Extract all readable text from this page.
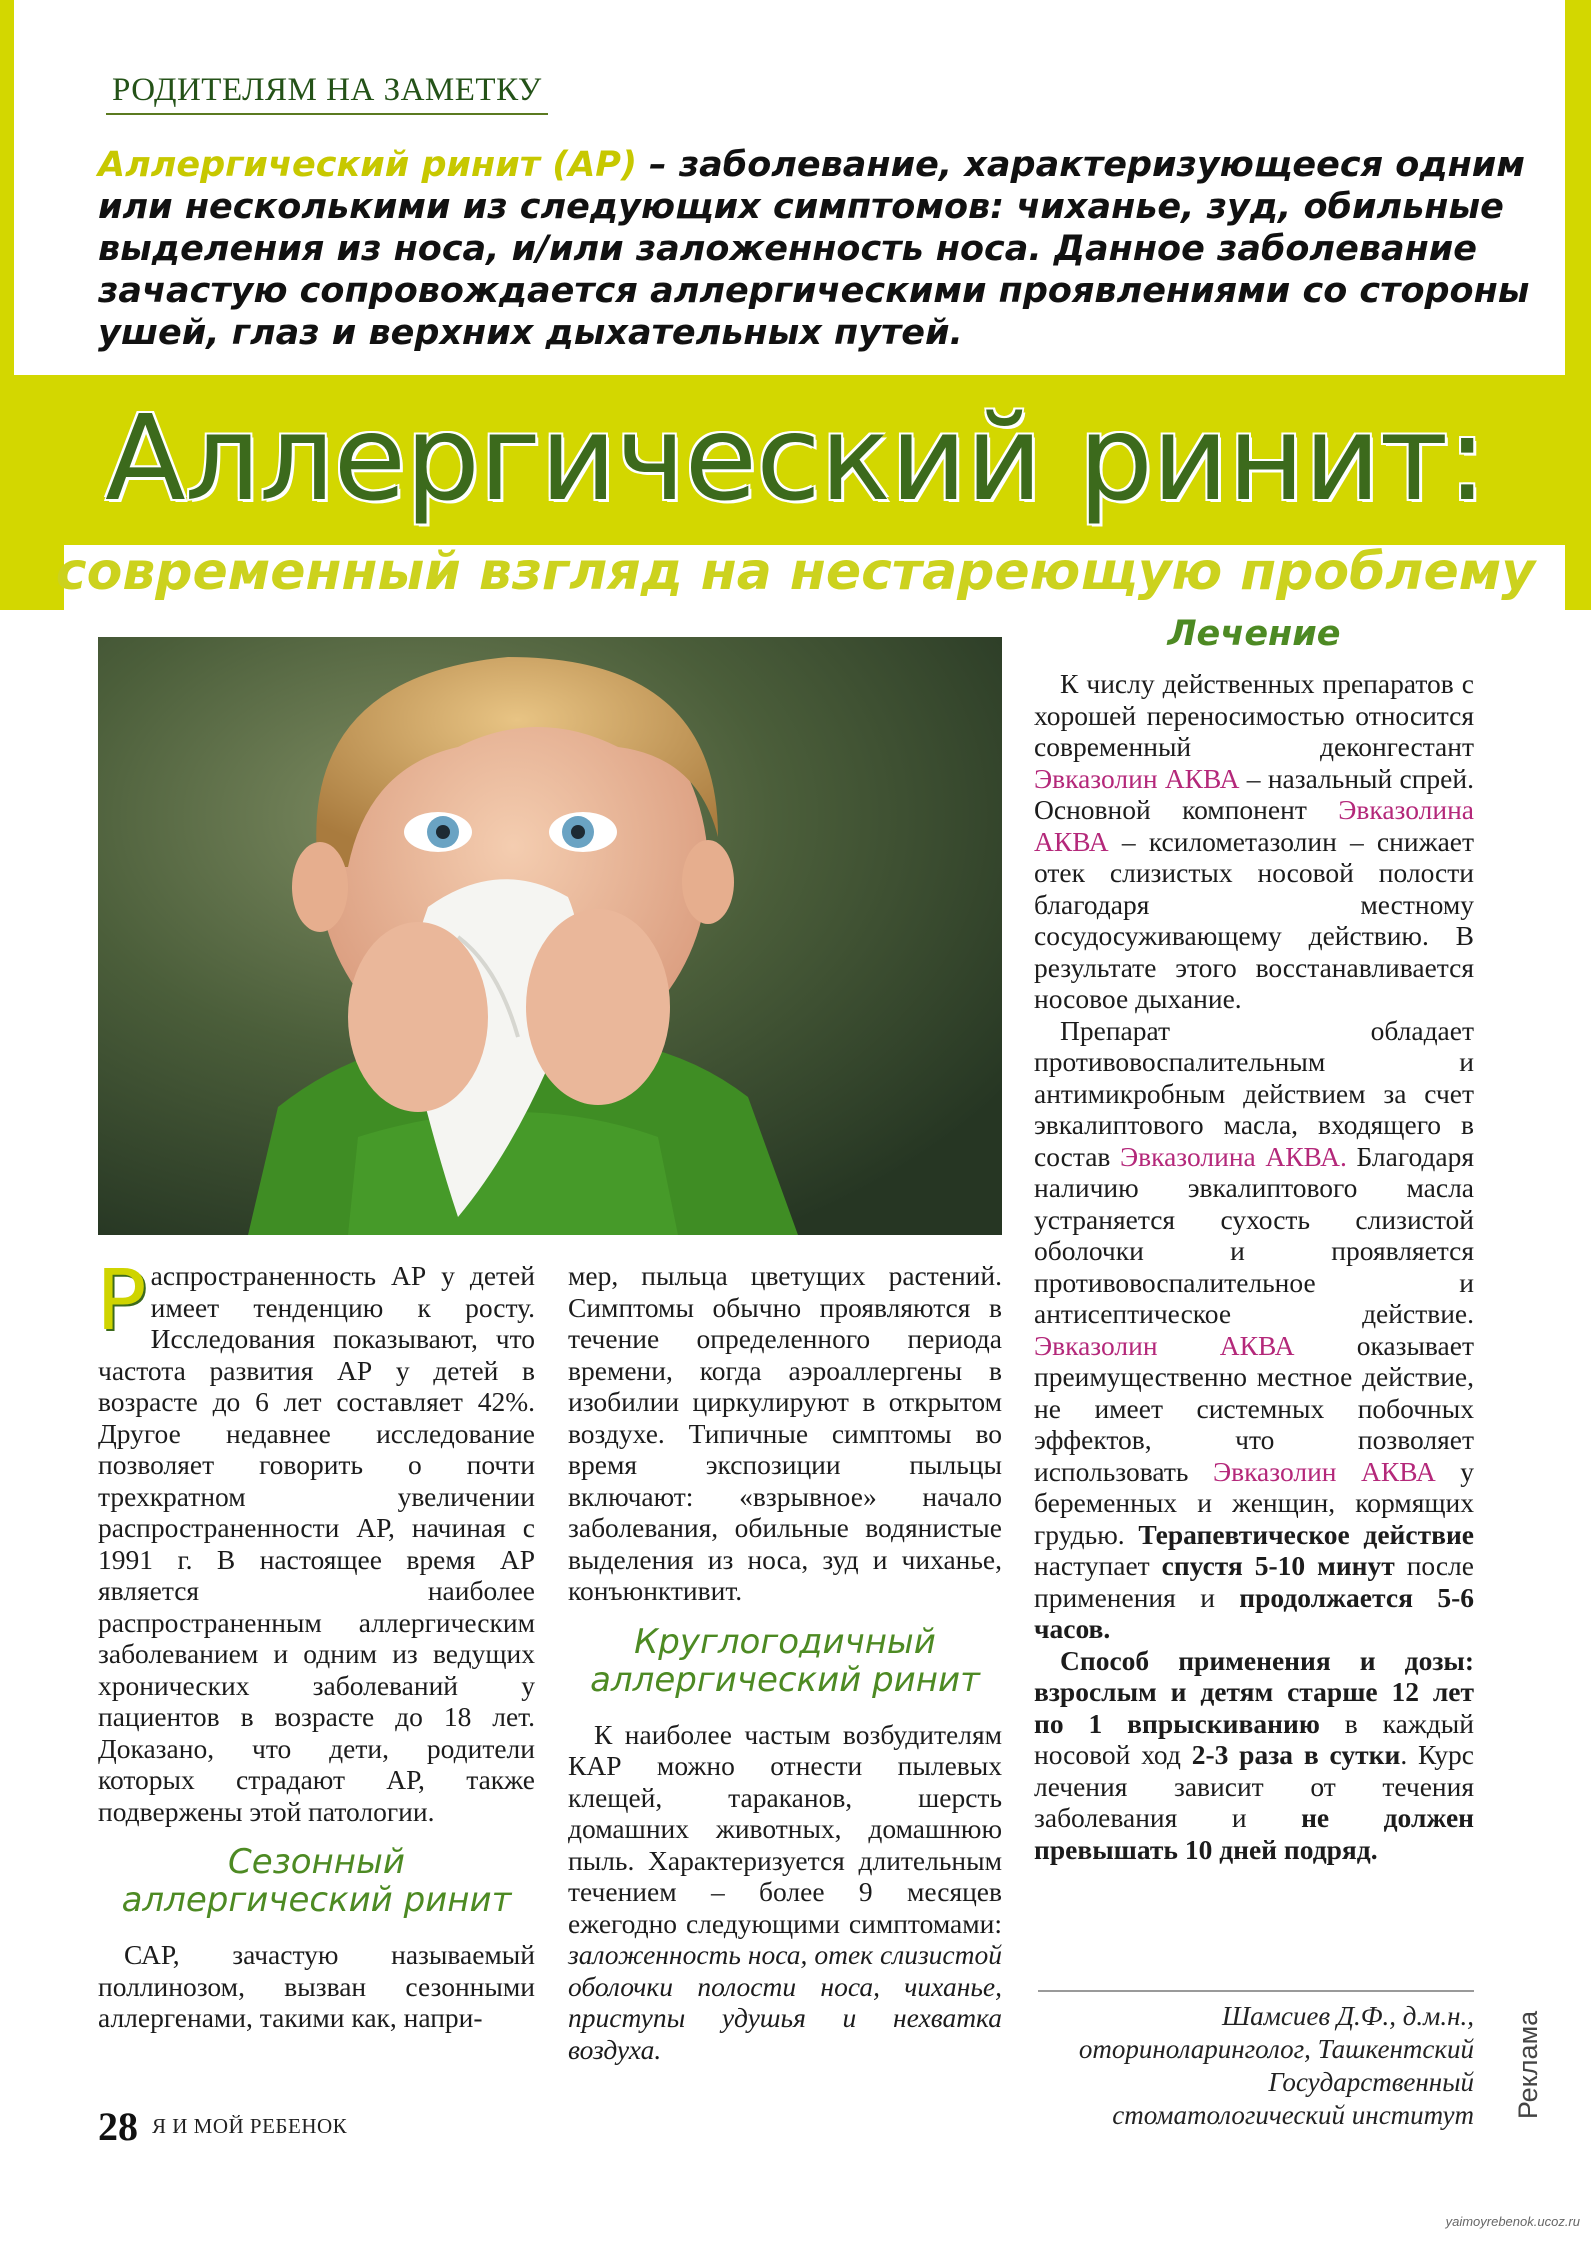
РОДИТЕЛЯМ НА ЗАМЕТКУ
Аллергический ринит (АР) – заболевание, характеризующееся одним или несколькими из следующих симптомов: чиханье, зуд, обильные выделения из носа, и/или заложенность носа. Данное заболевание зачастую сопровождается аллергическими проявлениями со стороны ушей, глаз и верхних дыхательных путей.
Аллергический ринит:
современный взгляд на нестареющую проблему

Распространенность АР у детей имеет тенденцию к росту. Исследования показывают, что частота развития АР у детей в возрасте до 6 лет составляет 42%. Другое недавнее исследование позволяет говорить о почти трехкратном увеличении распространенности АР, начиная с 1991 г. В настоящее время АР является наиболее распространенным аллергическим заболеванием и одним из ведущих хронических заболеваний у пациентов в возрасте до 18 лет. Доказано, что дети, родители которых страдают АР, также подвержены этой патологии.

Сезонный аллергический ринит

САР, зачастую называемый поллинозом, вызван сезонными аллергенами, такими как, напри-

мер, пыльца цветущих растений. Симптомы обычно проявляются в течение определенного периода времени, когда аэроаллергены в изобилии циркулируют в открытом воздухе. Типичные симптомы во время экспозиции пыльцы включают: «взрывное» начало заболевания, обильные водянистые выделения из носа, зуд и чиханье, конъюнктивит.

Круглогодичный аллергический ринит

К наиболее частым возбудителям КАР можно отнести пылевых клещей, тараканов, шерсть домашних животных, домашнюю пыль. Характеризуется длительным течением – более 9 месяцев ежегодно следующими симптомами: заложенность носа, отек слизистой оболочки полости носа, чиханье, приступы удушья и нехватка воздуха.

Лечение

К числу действенных препаратов с хорошей переносимостью относится современный деконгестант Эвказолин АКВА – назальный спрей. Основной компонент Эвказолина АКВА – ксилометазолин – снижает отек слизистых носовой полости благодаря местному сосудосуживающему действию. В результате этого восстанавливается носовое дыхание.

Препарат обладает противовоспалительным и антимикробным действием за счет эвкалиптового масла, входящего в состав Эвказолина АКВА. Благодаря наличию эвкалиптового масла устраняется сухость слизистой оболочки и проявляется противовоспалительное и антисептическое действие. Эвказолин АКВА оказывает преимущественно местное действие, не имеет системных побочных эффектов, что позволяет использовать Эвказолин АКВА у беременных и женщин, кормящих грудью. Терапевтическое действие наступает спустя 5-10 минут после применения и продолжается 5-6 часов.

Способ применения и дозы: взрослым и детям старше 12 лет по 1 впрыскиванию в каждый носовой ход 2-3 раза в сутки. Курс лечения зависит от течения заболевания и не должен превышать 10 дней подряд.

Шамсиев Д.Ф., д.м.н.,
оториноларинголог, Ташкентский
Государственный
стоматологический институт Реклама
28 Я И МОЙ РЕБЕНОК
yaimoyrebenok.ucoz.ru
